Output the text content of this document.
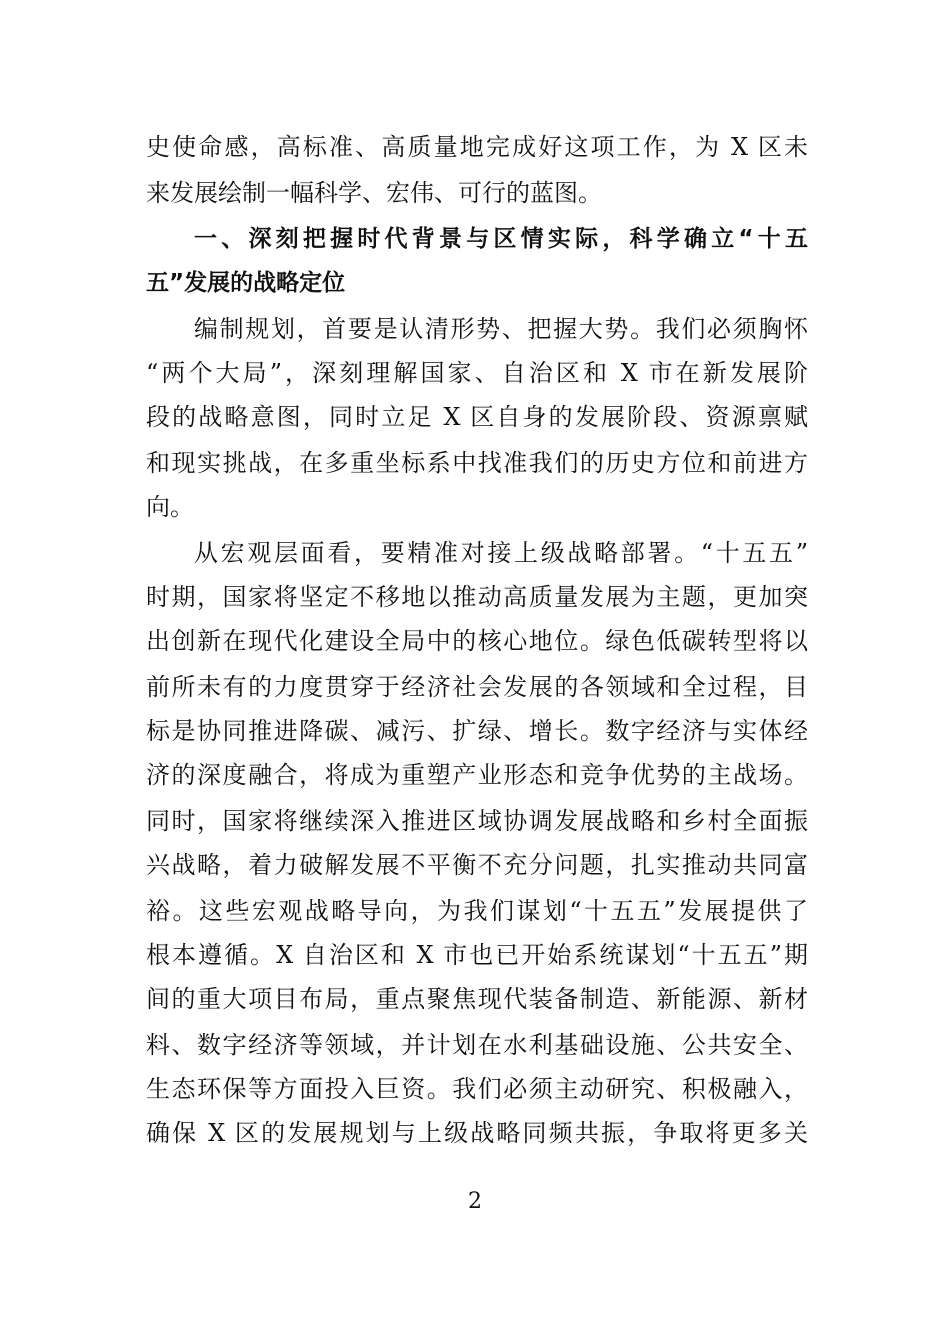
史使命感，高标准、高质量地完成好这项工作，为 X 区未
来发展绘制一幅科学、宏伟、可行的蓝图。
一、深刻把握时代背景与区情实际，科学确立“十五
五”发展的战略定位
编制规划，首要是认清形势、把握大势。我们必须胸怀
“两个大局”，深刻理解国家、自治区和 X 市在新发展阶
段的战略意图，同时立足 X 区自身的发展阶段、资源禀赋
和现实挑战，在多重坐标系中找准我们的历史方位和前进方
向。
从宏观层面看，要精准对接上级战略部署。“十五五”
时期，国家将坚定不移地以推动高质量发展为主题，更加突
出创新在现代化建设全局中的核心地位。绿色低碳转型将以
前所未有的力度贯穿于经济社会发展的各领域和全过程，目
标是协同推进降碳、减污、扩绿、增长。数字经济与实体经
济的深度融合，将成为重塑产业形态和竞争优势的主战场。
同时，国家将继续深入推进区域协调发展战略和乡村全面振
兴战略，着力破解发展不平衡不充分问题，扎实推动共同富
裕。这些宏观战略导向，为我们谋划“十五五”发展提供了
根本遵循。X 自治区和 X 市也已开始系统谋划“十五五”期
间的重大项目布局，重点聚焦现代装备制造、新能源、新材
料、数字经济等领域，并计划在水利基础设施、公共安全、
生态环保等方面投入巨资。我们必须主动研究、积极融入，
确保 X 区的发展规划与上级战略同频共振，争取将更多关
2
